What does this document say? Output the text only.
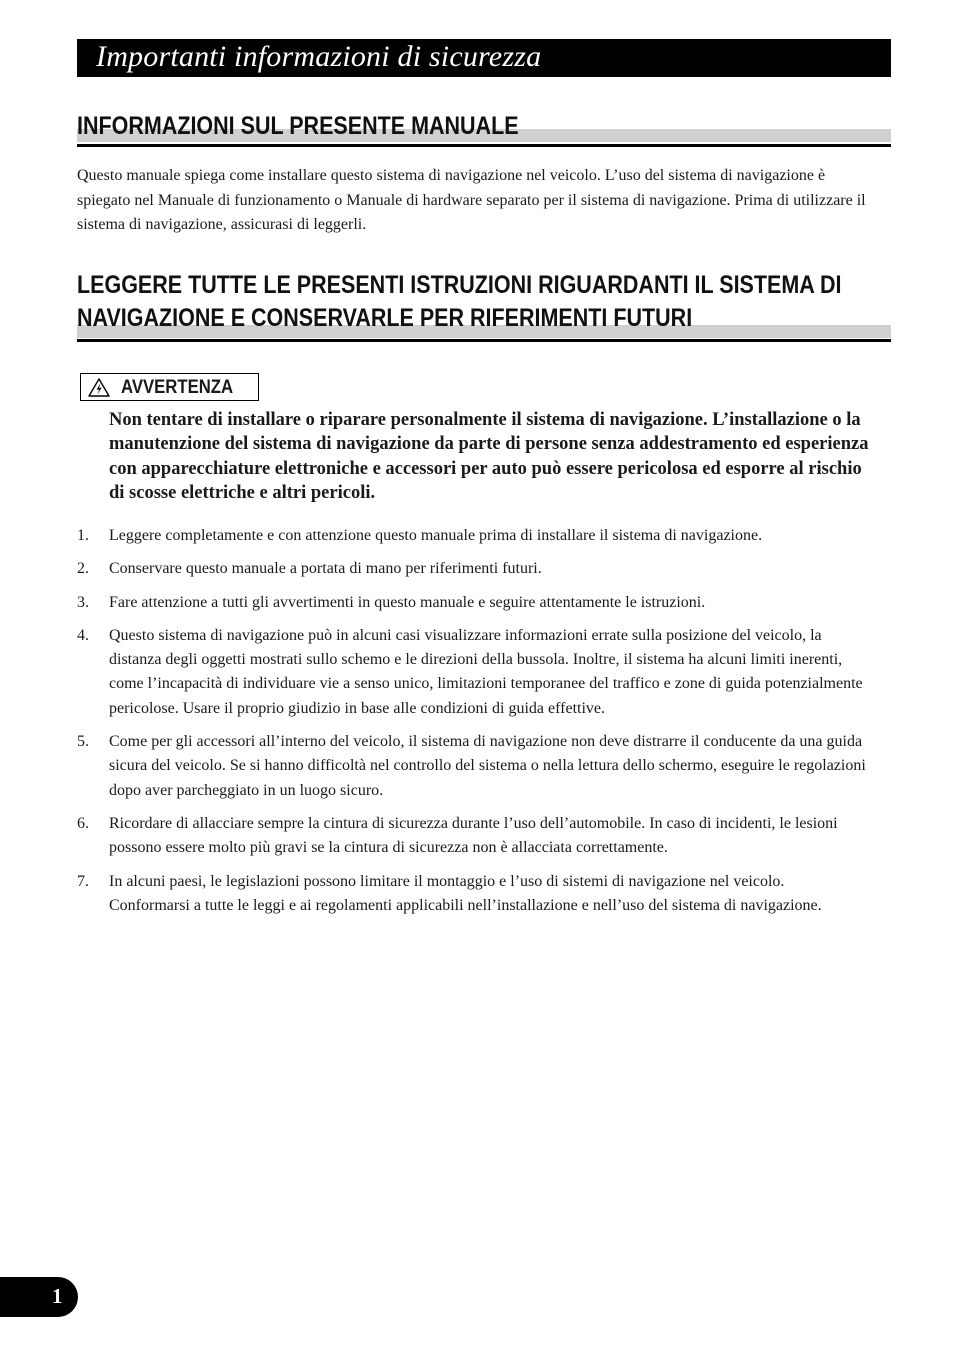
Importanti informazioni di sicurezza
INFORMAZIONI SUL PRESENTE MANUALE

Questo manuale spiega come installare questo sistema di navigazione nel veicolo. L’uso del sistema di navigazione è spiegato nel Manuale di funzionamento o Manuale di hardware separato per il sistema di navigazione. Prima di utilizzare il sistema di navigazione, assicurasi di leggerli.

LEGGERE TUTTE LE PRESENTI ISTRUZIONI RIGUARDANTI IL SISTEMA DI
NAVIGAZIONE E CONSERVARLE PER RIFERIMENTI FUTURI
AVVERTENZA

Non tentare di installare o riparare personalmente il sistema di navigazione. L’installazione o la manutenzione del sistema di navigazione da parte di persone senza addestramento ed esperienza con apparecchiature elettroniche e accessori per auto può essere pericolosa ed esporre al rischio di scosse elettriche e altri pericoli.

1. Leggere completamente e con attenzione questo manuale prima di installare il sistema di navigazione.
2. Conservare questo manuale a portata di mano per riferimenti futuri.
3. Fare attenzione a tutti gli avvertimenti in questo manuale e seguire attentamente le istruzioni.
4. Questo sistema di navigazione può in alcuni casi visualizzare informazioni errate sulla posizione del veicolo, la distanza degli oggetti mostrati sullo schemo e le direzioni della bussola. Inoltre, il sistema ha alcuni limiti inerenti, come l’incapacità di individuare vie a senso unico, limitazioni temporanee del traffico e zone di guida potenzialmente pericolose. Usare il proprio giudizio in base alle condizioni di guida effettive.
5. Come per gli accessori all’interno del veicolo, il sistema di navigazione non deve distrarre il conducente da una guida sicura del veicolo. Se si hanno difficoltà nel controllo del sistema o nella lettura dello schermo, eseguire le regolazioni dopo aver parcheggiato in un luogo sicuro.
6. Ricordare di allacciare sempre la cintura di sicurezza durante l’uso dell’automobile. In caso di incidenti, le lesioni possono essere molto più gravi se la cintura di sicurezza non è allacciata correttamente.
7. In alcuni paesi, le legislazioni possono limitare il montaggio e l’uso di sistemi di navigazione nel veicolo. Conformarsi a tutte le leggi e ai regolamenti applicabili nell’installazione e nell’uso del sistema di navigazione.
1
